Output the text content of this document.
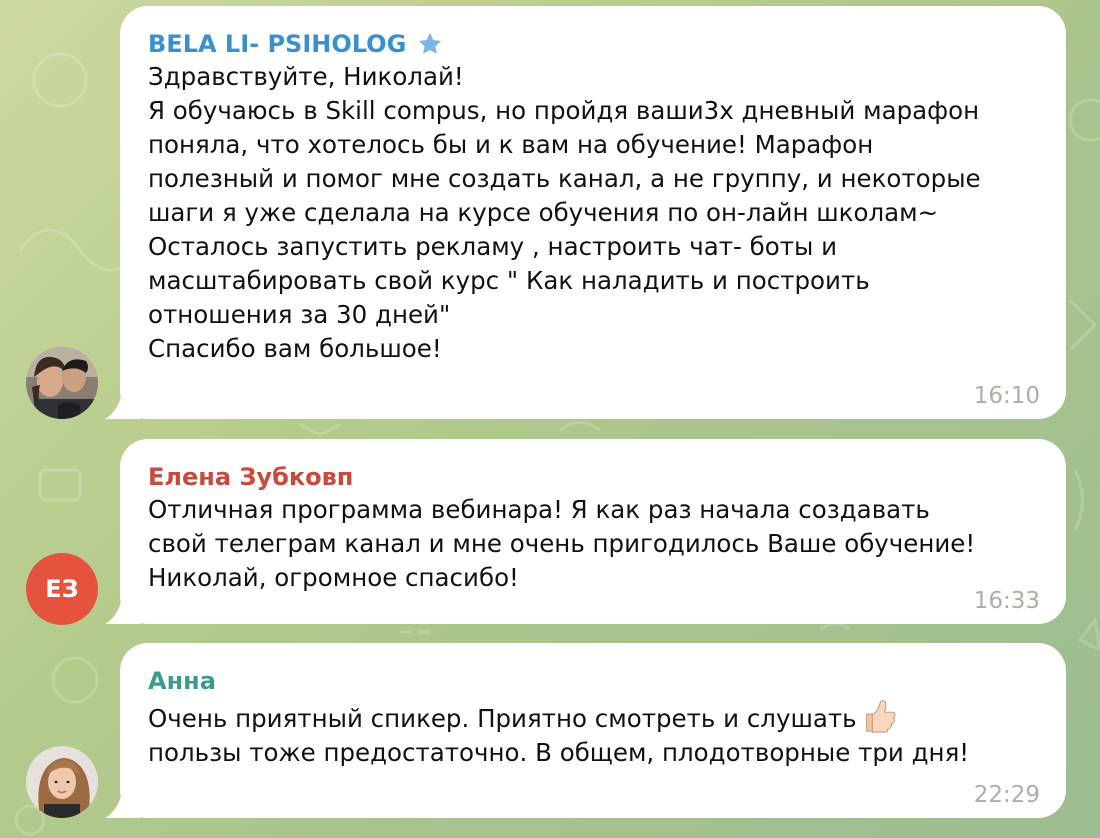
BELA LI- PSIHOLOG
Здравствуйте, Николай!
Я обучаюсь в Skill compus, но пройдя ваши3х дневный марафон
поняла, что хотелось бы и к вам на обучение! Марафон
полезный и помог мне создать канал, а не группу, и некоторые
шаги я уже сделала на курсе обучения по он-лайн школам~
Осталось запустить рекламу , настроить чат- боты и
масштабировать свой курс " Как наладить и построить
отношения за 30 дней"
Спасибо вам большое!
16:10
ЕЗ
Елена Зубковп
Отличная программа вебинара! Я как раз начала создавать
свой телеграм канал и мне очень пригодилось Ваше обучение!
Николай, огромное спасибо!
16:33
Анна
Очень приятный спикер. Приятно смотреть и слушать
пользы тоже предостаточно. В общем, плодотворные три дня!
22:29
